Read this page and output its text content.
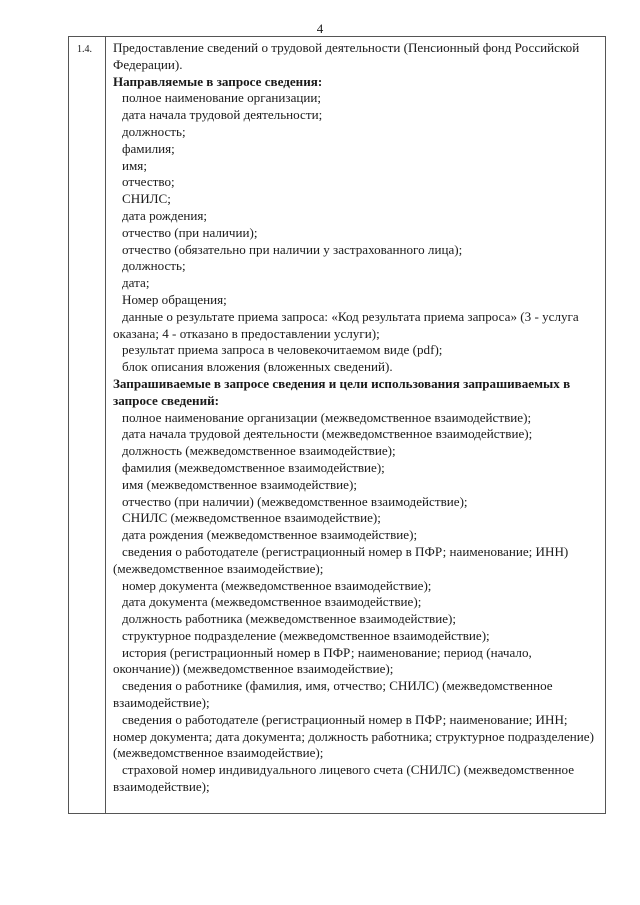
4
1.4. Предоставление сведений о трудовой деятельности (Пенсионный фонд Российской Федерации).

Направляемые в запросе сведения:

полное наименование организации;

дата начала трудовой деятельности;

должность;

фамилия;

имя;

отчество;

СНИЛС;

дата рождения;

отчество (при наличии);

отчество (обязательно при наличии у застрахованного лица);

должность;

дата;

Номер обращения;

данные о результате приема запроса: «Код результата приема запроса» (3 - услуга оказана; 4 - отказано в предоставлении услуги);

результат приема запроса в человекочитаемом виде (pdf);

блок описания вложения (вложенных сведений).

Запрашиваемые в запросе сведения и цели использования запрашиваемых в запросе сведений:

полное наименование организации (межведомственное взаимодействие);

дата начала трудовой деятельности (межведомственное взаимодействие);

должность (межведомственное взаимодействие);

фамилия (межведомственное взаимодействие);

имя (межведомственное взаимодействие);

отчество (при наличии) (межведомственное взаимодействие);

СНИЛС (межведомственное взаимодействие);

дата рождения (межведомственное взаимодействие);

сведения о работодателе (регистрационный номер в ПФР; наименование; ИНН) (межведомственное взаимодействие);

номер документа (межведомственное взаимодействие);

дата документа (межведомственное взаимодействие);

должность работника (межведомственное взаимодействие);

структурное подразделение (межведомственное взаимодействие);

история (регистрационный номер в ПФР; наименование; период (начало, окончание)) (межведомственное взаимодействие);

сведения о работнике (фамилия, имя, отчество; СНИЛС) (межведомственное взаимодействие);

сведения о работодателе (регистрационный номер в ПФР; наименование; ИНН; номер документа; дата документа; должность работника; структурное подразделение) (межведомственное взаимодействие);

страховой номер индивидуального лицевого счета (СНИЛС) (межведомственное взаимодействие);
